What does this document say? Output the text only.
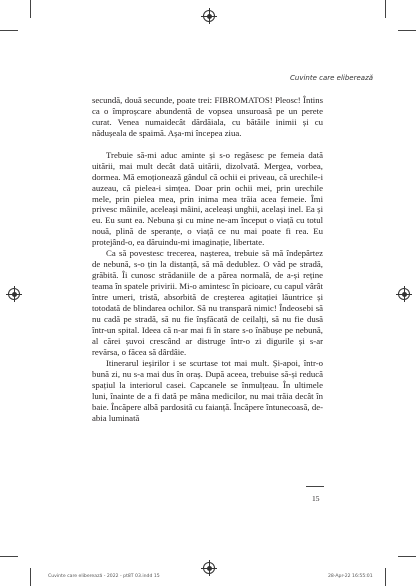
Cuvinte care eliberează

secundă, două secunde, poate trei: FIBROMATOS! Pleosc! Întins ca o împroșcare abundentă de vopsea unsuroasă pe un perete curat. Venea numaidecât dărdăiala, cu bătăile inimii și cu nădușeala de spaimă. Așa-mi începea ziua.

Trebuie să-mi aduc aminte și s-o regăsesc pe femeia dată uitării, mai mult decât dată uitării, dizolvată. Mergea, vorbea, dormea. Mă emoționează gândul că ochii ei priveau, că urechile-i auzeau, că pielea-i simțea. Doar prin ochii mei, prin urechile mele, prin pielea mea, prin inima mea trăia acea femeie. Îmi privesc mâinile, aceleași mâini, aceleași unghii, același inel. Ea și eu. Eu sunt ea. Nebuna și cu mine ne-am început o viață cu totul nouă, plină de speranțe, o viață ce nu mai poate fi rea. Eu protejând-o, ea dăruindu-mi imaginație, libertate.

Ca să povestesc trecerea, nașterea, trebuie să mă îndepărtez de nebună, s-o țin la distanță, să mă dedublez. O văd pe stradă, grăbită. Îi cunosc strădaniile de a părea normală, de a-și reține teama în spatele privirii. Mi-o amintesc în picioare, cu capul vârât între umeri, tristă, absorbită de creșterea agitației lăuntrice și totodată de blindarea ochilor. Să nu transpară nimic! Îndeosebi să nu cadă pe stradă, să nu fie înșfăcată de ceilalți, să nu fie dusă într-un spital. Ideea că n-ar mai fi în stare s-o înăbușe pe nebună, al cărei șuvoi crescând ar distruge într-o zi digurile și s-ar revărsa, o făcea să dârdâie.

Itinerarul ieșirilor i se scurtase tot mai mult. Și-apoi, într-o bună zi, nu s-a mai dus în oraș. După aceea, trebuise să-și reducă spațiul la interiorul casei. Capcanele se înmulțeau. În ultimele luni, înainte de a fi dată pe mâna medicilor, nu mai trăia decât în baie. Încăpere albă pardosită cu faianță. Încăpere întunecoasă, de-abia luminată

15
Cuvinte care eliberează - 2022 - pt8T 03.indd 15	28-Apr-22 16:55:01
